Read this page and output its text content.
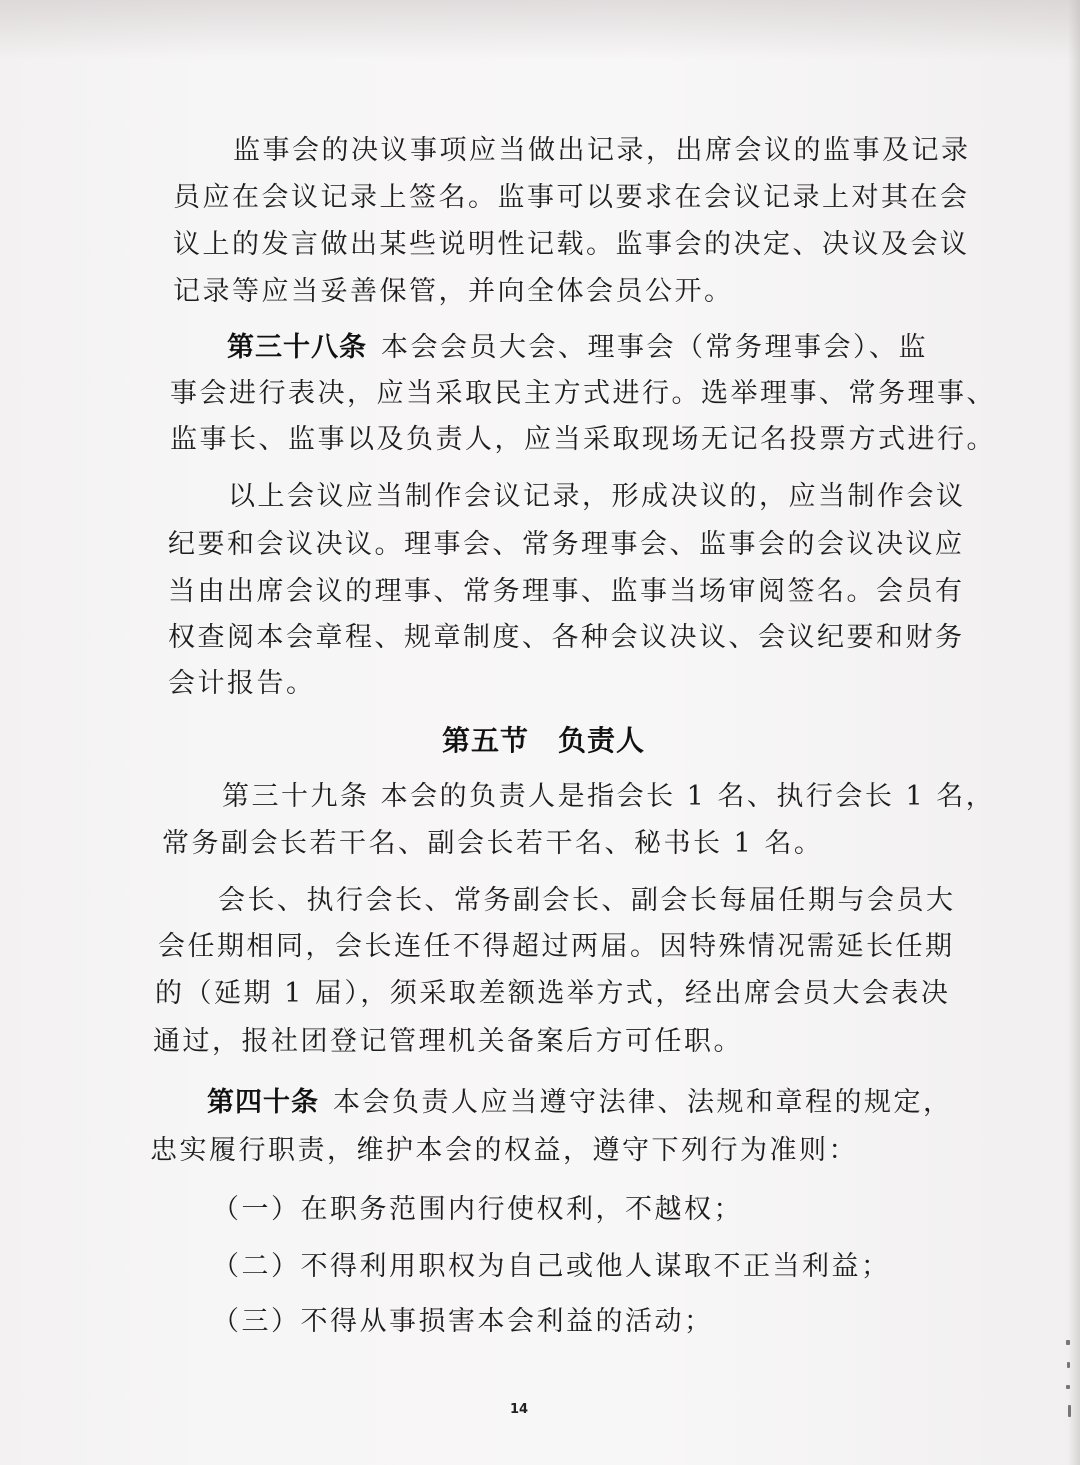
监事会的决议事项应当做出记录，出席会议的监事及记录
员应在会议记录上签名。监事可以要求在会议记录上对其在会
议上的发言做出某些说明性记载。监事会的决定、决议及会议
记录等应当妥善保管，并向全体会员公开。
第三十八条 本会会员大会、理事会（常务理事会）、监
事会进行表决，应当采取民主方式进行。选举理事、常务理事、
监事长、监事以及负责人，应当采取现场无记名投票方式进行。
以上会议应当制作会议记录，形成决议的，应当制作会议
纪要和会议决议。理事会、常务理事会、监事会的会议决议应
当由出席会议的理事、常务理事、监事当场审阅签名。会员有
权查阅本会章程、规章制度、各种会议决议、会议纪要和财务
会计报告。
第五节　负责人
第三十九条 本会的负责人是指会长 1 名、执行会长 1 名，
常务副会长若干名、副会长若干名、秘书长 1 名。
会长、执行会长、常务副会长、副会长每届任期与会员大
会任期相同，会长连任不得超过两届。因特殊情况需延长任期
的（延期 1 届），须采取差额选举方式，经出席会员大会表决
通过，报社团登记管理机关备案后方可任职。
第四十条 本会负责人应当遵守法律、法规和章程的规定，
忠实履行职责，维护本会的权益，遵守下列行为准则：
（一）在职务范围内行使权利，不越权；
（二）不得利用职权为自己或他人谋取不正当利益；
（三）不得从事损害本会利益的活动；
14
